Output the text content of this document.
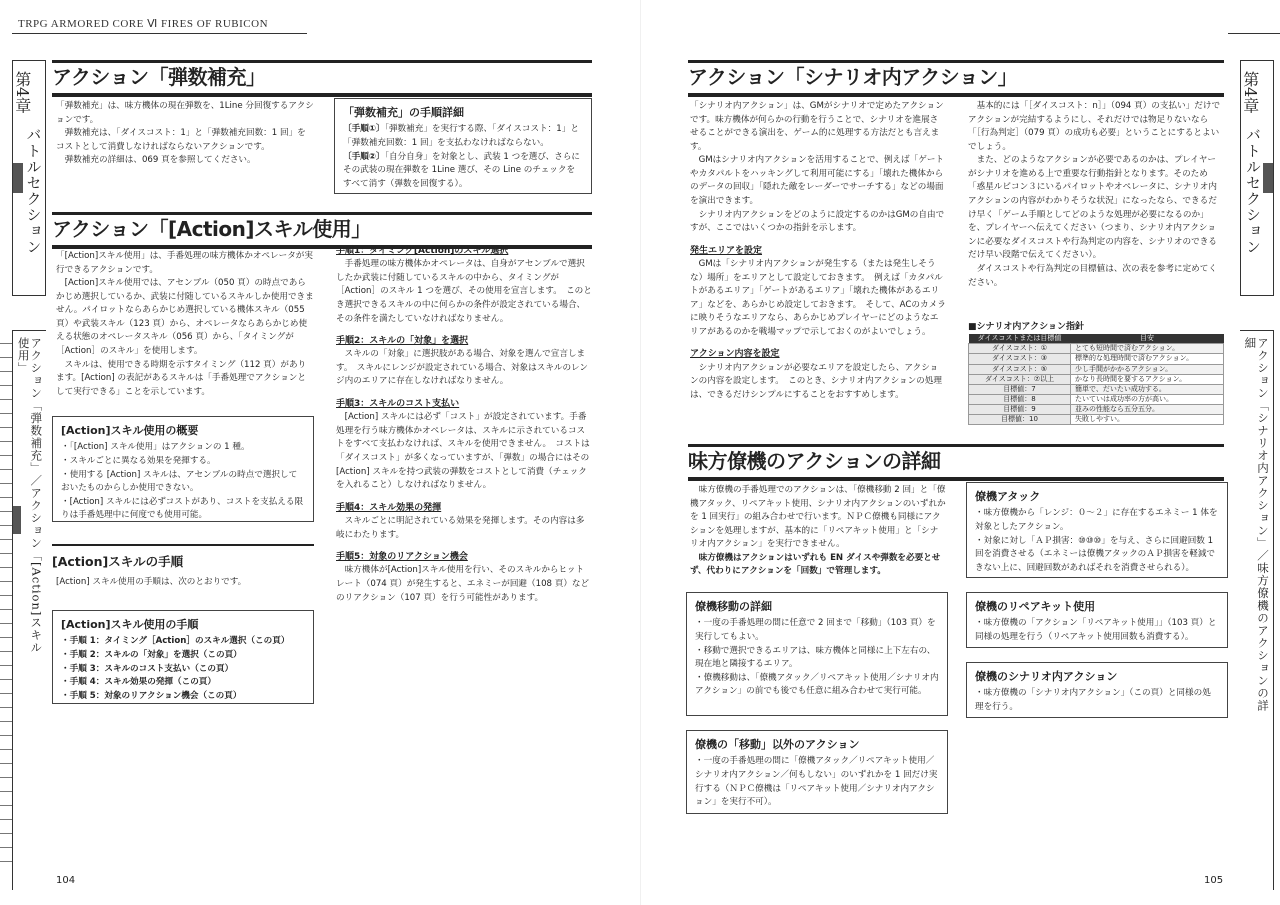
TRPG ARMORED CORE Ⅵ FIRES OF RUBICON
第4章
バトルセクション
アクション「弾数補充」／アクション「[Action]スキル使用」
アクション「弾数補充」

「弾数補充」は、味方機体の現在弾数を、1Line 分回復するアクションです。

弾数補充は、「ダイスコスト：1」と「弾数補充回数：1 回」をコストとして消費しなければならないアクションです。

弾数補充の詳細は、069 頁を参照してください。

「弾数補充」の手順詳細

〔手順①〕「弾数補充」を実行する際、「ダイスコスト：1」と「弾数補充回数：1 回」を支払わなければならない。

〔手順②〕「自分自身」を対象とし、武装 1 つを選び、さらにその武装の現在弾数を 1Line 選び、その Line のチェックをすべて消す（弾数を回復する）。

アクション「[Action]スキル使用」

「[Action]スキル使用」は、手番処理の味方機体かオペレータが実行できるアクションです。

[Action]スキル使用では、アセンブル（050 頁）の時点であらかじめ選択しているか、武装に付随しているスキルしか使用できません。パイロットならあらかじめ選択している機体スキル（055 頁）や武装スキル（123 頁）から、オペレータならあらかじめ使える状態のオペレータスキル（056 頁）から、「タイミングが［Action］のスキル」を使用します。

スキルは、使用できる時期を示すタイミング（112 頁）があります。[Action] の表記があるスキルは「手番処理でアクションとして実行できる」ことを示しています。

[Action]スキル使用の概要
・「[Action] スキル使用」はアクションの 1 種。
・スキルごとに異なる効果を発揮する。
・使用する [Action] スキルは、アセンブルの時点で選択しておいたものからしか使用できない。
・[Action] スキルには必ずコストがあり、コストを支払える限りは手番処理中に何度でも使用可能。
[Action]スキルの手順

[Action] スキル使用の手順は、次のとおりです。

[Action]スキル使用の手順
・手順 1：タイミング［Action］のスキル選択（この頁）
・手順 2：スキルの「対象」を選択（この頁）
・手順 3：スキルのコスト支払い（この頁）
・手順 4：スキル効果の発揮（この頁）
・手順 5：対象のリアクション機会（この頁）
手順1：タイミング[Action]のスキル選択

手番処理の味方機体かオペレータは、自身がアセンブルで選択したか武装に付随しているスキルの中から、タイミングが［Action］のスキル 1 つを選び、その使用を宣言します。　このとき選択できるスキルの中に何らかの条件が設定されている場合、その条件を満たしていなければなりません。

手順2：スキルの「対象」を選択

スキルの「対象」に選択肢がある場合、対象を選んで宣言します。　スキルにレンジが設定されている場合、対象はスキルのレンジ内のエリアに存在しなければなりません。

手順3：スキルのコスト支払い

[Action] スキルには必ず「コスト」が設定されています。手番処理を行う味方機体かオペレータは、スキルに示されているコストをすべて支払わなければ、スキルを使用できません。　コストは「ダイスコスト」が多くなっていますが、「弾数」の場合にはその [Action] スキルを持つ武装の弾数をコストとして消費（チェックを入れること）しなければなりません。

手順4：スキル効果の発揮

スキルごとに明記されている効果を発揮します。その内容は多岐にわたります。

手順5：対象のリアクション機会

味方機体が[Action]スキル使用を行い、そのスキルからヒットレート（074 頁）が発生すると、エネミーが回避（108 頁）などのリアクション（107 頁）を行う可能性があります。

104
第4章
バトルセクション
アクション「シナリオ内アクション」／味方僚機のアクションの詳細
アクション「シナリオ内アクション」

「シナリオ内アクション」は、GMがシナリオで定めたアクションです。味方機体が何らかの行動を行うことで、シナリオを進展させることができる演出を、ゲーム的に処理する方法だとも言えます。

GMはシナリオ内アクションを活用することで、例えば「ゲートやカタパルトをハッキングして利用可能にする」「壊れた機体からのデータの回収」「隠れた敵をレーダーでサーチする」などの場面を演出できます。

シナリオ内アクションをどのように設定するのかはGMの自由ですが、ここではいくつかの指針を示します。

発生エリアを設定

GMは「シナリオ内アクションが発生する（または発生しそうな）場所」をエリアとして設定しておきます。　例えば「カタパルトがあるエリア」「ゲートがあるエリア」「壊れた機体があるエリア」などを、あらかじめ設定しておきます。　そして、ACのカメラに映りそうなエリアなら、あらかじめプレイヤーにどのようなエリアがあるのかを戦場マップで示しておくのがよいでしょう。

アクション内容を設定

シナリオ内アクションが必要なエリアを設定したら、アクションの内容を設定します。　このとき、シナリオ内アクションの処理は、できるだけシンプルにすることをおすすめします。

基本的には「［ダイスコスト：n］」（094 頁）の支払い」だけでアクションが完結するようにし、それだけでは物足りないなら「［行為判定］（079 頁）の成功も必要」ということにするとよいでしょう。

また、どのようなアクションが必要であるのかは、プレイヤーがシナリオを進める上で重要な行動指針となります。そのため「惑星ルビコン３にいるパイロットやオペレータに、シナリオ内アクションの内容がわかりそうな状況」になったなら、できるだけ早く「ゲーム手順としてどのような処理が必要になるのか」を、プレイヤーへ伝えてください（つまり、シナリオ内アクションに必要なダイスコストや行為判定の内容を、シナリオのできるだけ早い段階で伝えてください）。

ダイスコストや行為判定の目標値は、次の表を参考に定めてください。

■シナリオ内アクション指針
ダイスコストまたは目標値	目安
ダイスコスト：①	とても短時間で済むアクション。
ダイスコスト：③	標準的な処理時間で済むアクション。
ダイスコスト：⑤	少し手間がかかるアクション。
ダイスコスト：⑦以上	かなり長時間を要するアクション。
目標値：7	簡単で、だいたい成功する。
目標値：8	たいていは成功率の方が高い。
目標値：9	並みの性能なら五分五分。
目標値：10	失敗しやすい。
味方僚機のアクションの詳細

味方僚機の手番処理でのアクションは、「僚機移動 2 回」と「僚機アタック、リペアキット使用、シナリオ内アクションのいずれかを 1 回実行」の組み合わせで行います。ＮＰＣ僚機も同様にアクションを処理しますが、基本的に「リペアキット使用」と「シナリオ内アクション」を実行できません。

味方僚機はアクションはいずれも EN ダイスや弾数を必要とせず、代わりにアクションを「回数」で管理します。

僚機移動の詳細
・一度の手番処理の間に任意で 2 回まで「移動」（103 頁）を実行してもよい。
・移動で選択できるエリアは、味方機体と同様に上下左右の、現在地と隣接するエリア。
・僚機移動は、「僚機アタック／リペアキット使用／シナリオ内アクション」の前でも後でも任意に組み合わせて実行可能。
僚機の「移動」以外のアクション
・一度の手番処理の間に「僚機アタック／リペアキット使用／シナリオ内アクション／何もしない」のいずれかを 1 回だけ実行する（ＮＰＣ僚機は「リペアキット使用／シナリオ内アクション」を実行不可）。
僚機アタック
・味方僚機から「レンジ：０～２」に存在するエネミー 1 体を対象としたアクション。
・対象に対し「ＡＰ損害：⑩⑩⑩」を与え、さらに回避回数 1 回を消費させる（エネミーは僚機アタックのＡＰ損害を軽減できない上に、回避回数があればそれを消費させられる）。
僚機のリペアキット使用
・味方僚機の「アクション「リペアキット使用」」（103 頁）と同様の処理を行う（リペアキット使用回数も消費する）。
僚機のシナリオ内アクション
・味方僚機の「シナリオ内アクション」（この頁）と同様の処理を行う。
105
